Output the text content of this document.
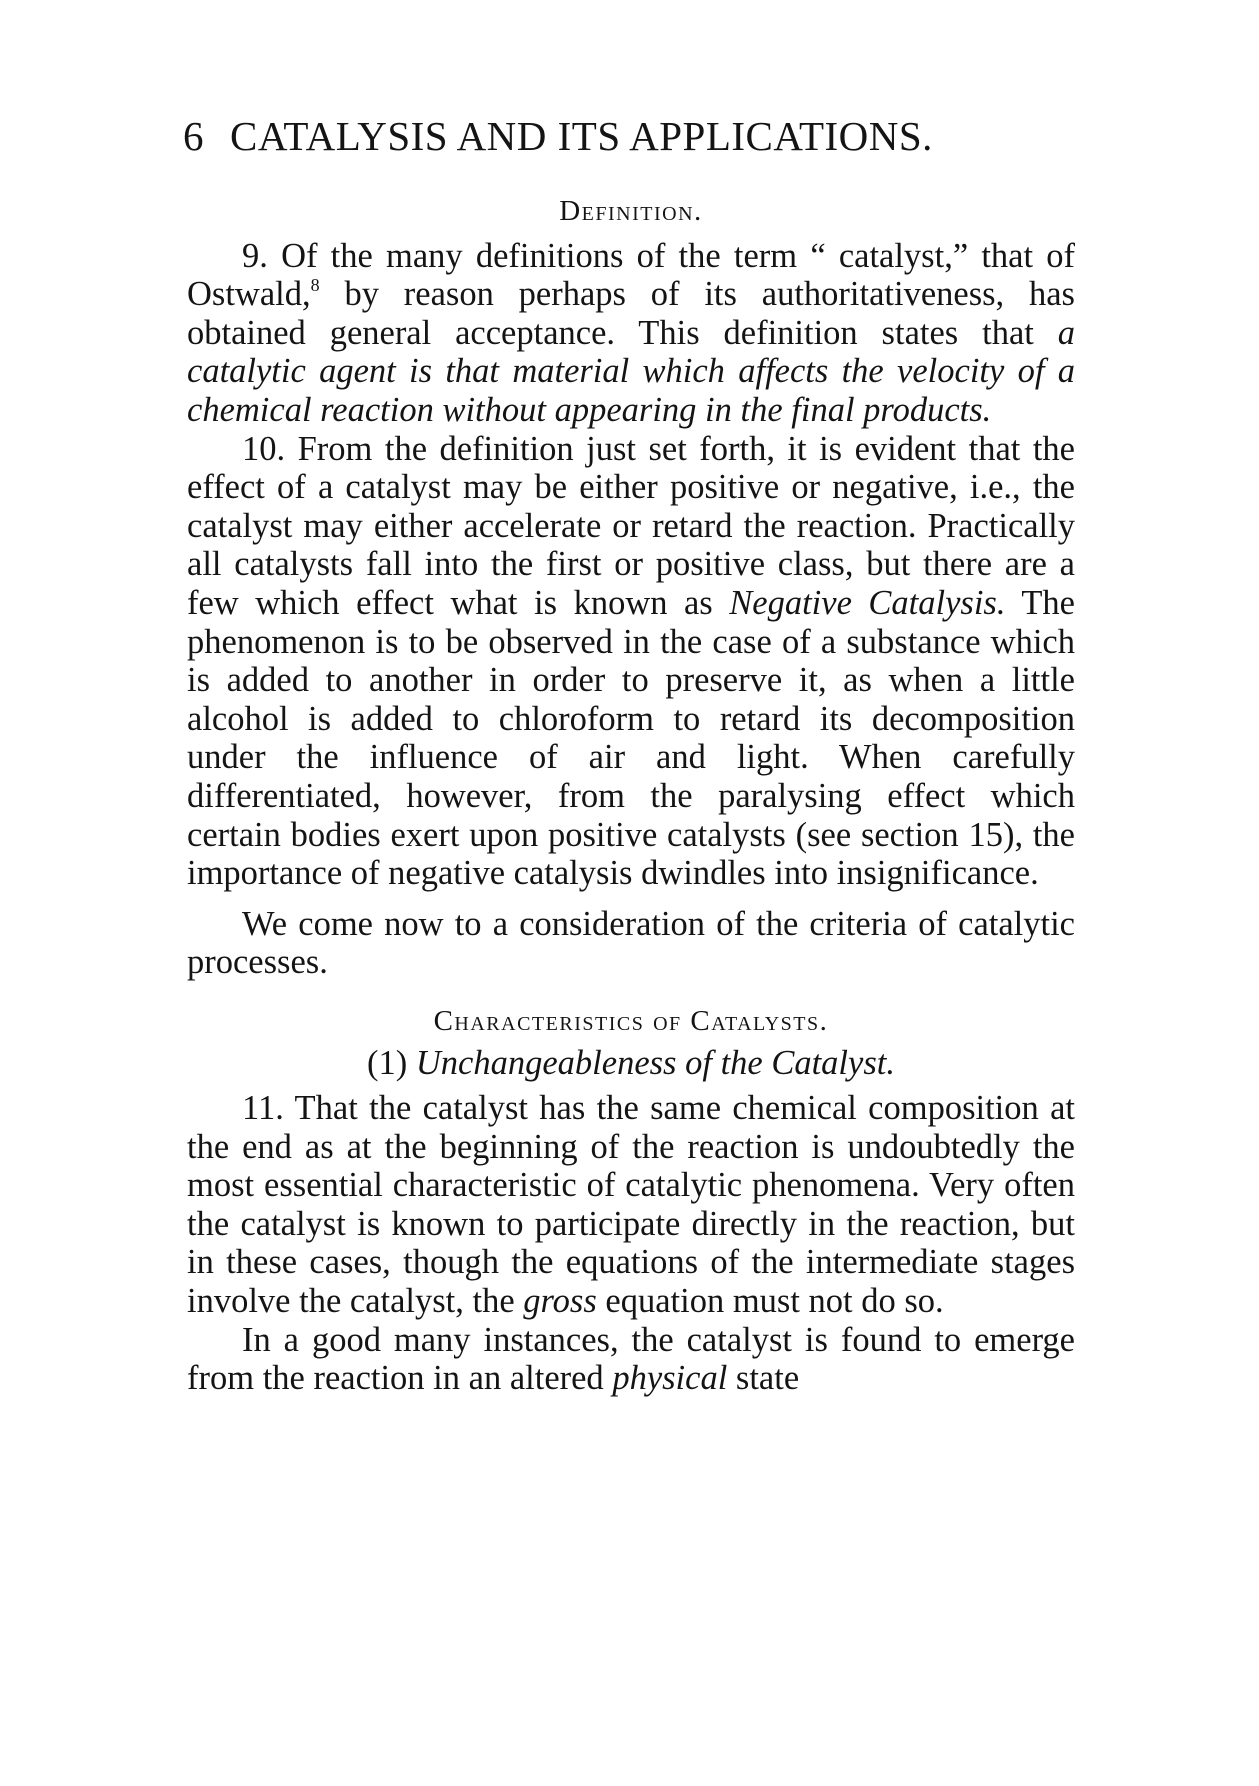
6 CATALYSIS AND ITS APPLICATIONS.
Definition.

9. Of the many definitions of the term “ catalyst,” that of Ostwald,$^8$ by reason perhaps of its authoritativeness, has obtained general acceptance. This definition states that a catalytic agent is that material which affects the velocity of a chemical reaction without appearing in the final products.

10. From the definition just set forth, it is evident that the effect of a catalyst may be either positive or negative, i.e., the catalyst may either accelerate or retard the reaction. Practically all catalysts fall into the first or positive class, but there are a few which effect what is known as Negative Catalysis. The phenomenon is to be observed in the case of a substance which is added to another in order to preserve it, as when a little alcohol is added to chloroform to retard its decomposition under the influence of air and light. When carefully differentiated, however, from the paralysing effect which certain bodies exert upon positive catalysts (see section 15), the importance of negative catalysis dwindles into insignificance.

We come now to a consideration of the criteria of catalytic processes.

Characteristics of Catalysts.
(1) Unchangeableness of the Catalyst.

11. That the catalyst has the same chemical composition at the end as at the beginning of the reaction is undoubtedly the most essential characteristic of catalytic phenomena. Very often the catalyst is known to participate directly in the reaction, but in these cases, though the equations of the intermediate stages involve the catalyst, the gross equation must not do so.

In a good many instances, the catalyst is found to emerge from the reaction in an altered physical state
